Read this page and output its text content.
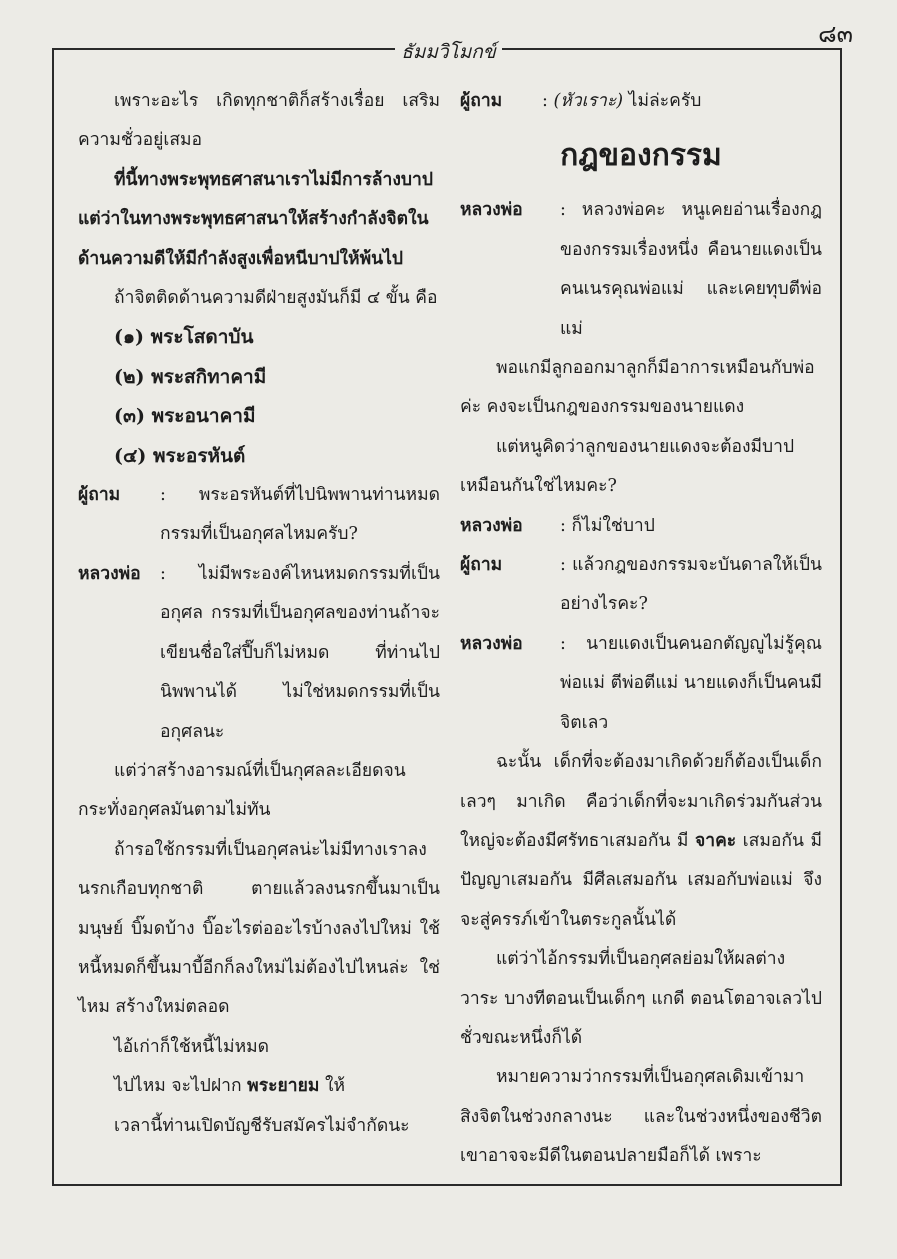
๘๓
ธัมมวิโมกข์

เพราะอะไร เกิดทุกชาติก็สร้างเรื่อย เสริมความชั่วอยู่เสมอ

ที่นี้ทางพระพุทธศาสนาเราไม่มีการล้างบาป แต่ว่าในทางพระพุทธศาสนาให้สร้างกำลังจิตในด้านความดีให้มีกำลังสูงเพื่อหนีบาปให้พ้นไป

ถ้าจิตติดด้านความดีฝ่ายสูงมันก็มี ๔ ขั้น คือ

(๑) พระโสดาบัน
(๒) พระสกิทาคามี
(๓) พระอนาคามี
(๔) พระอรหันต์

ผู้ถาม : พระอรหันต์ที่ไปนิพพานท่านหมดกรรมที่เป็นอกุศลไหมครับ?

หลวงพ่อ : ไม่มีพระองค์ไหนหมดกรรมที่เป็นอกุศล กรรมที่เป็นอกุศลของท่านถ้าจะเขียนชื่อใส่ปี๊บก็ไม่หมด ที่ท่านไปนิพพานได้ ไม่ใช่หมดกรรมที่เป็นอกุศลนะ

แต่ว่าสร้างอารมณ์ที่เป็นกุศลละเอียดจนกระทั่งอกุศลมันตามไม่ทัน

ถ้ารอใช้กรรมที่เป็นอกุศลน่ะไม่มีทางเราลงนรกเกือบทุกชาติ ตายแล้วลงนรกขึ้นมาเป็นมนุษย์ บิ๊มดบ้าง บิ๊อะไรต่ออะไรบ้างลงไปใหม่ ใช้หนี้หมดก็ขึ้นมาบี้อีกก็ลงใหม่ไม่ต้องไปไหนล่ะ ใช่ไหม สร้างใหม่ตลอด

ไอ้เก่าก็ใช้หนี้ไม่หมด

ไปไหม จะไปฝาก พระยายม ให้

เวลานี้ท่านเปิดบัญชีรับสมัครไม่จำกัดนะ

ผู้ถาม : (หัวเราะ) ไม่ล่ะครับ

กฎของกรรม

หลวงพ่อ : หลวงพ่อคะ หนูเคยอ่านเรื่องกฎของกรรมเรื่องหนึ่ง คือนายแดงเป็นคนเนรคุณพ่อแม่ และเคยทุบตีพ่อแม่

พอแกมีลูกออกมาลูกก็มีอาการเหมือนกับพ่อค่ะ คงจะเป็นกฎของกรรมของนายแดง

แต่หนูคิดว่าลูกของนายแดงจะต้องมีบาปเหมือนกันใช่ไหมคะ?

หลวงพ่อ : ก็ไม่ใช่บาป

ผู้ถาม	: แล้วกฎของกรรมจะบันดาลให้เป็นอย่างไรคะ?

หลวงพ่อ : นายแดงเป็นคนอกตัญญูไม่รู้คุณพ่อแม่ ตีพ่อตีแม่ นายแดงก็เป็นคนมีจิตเลว

ฉะนั้น เด็กที่จะต้องมาเกิดด้วยก็ต้องเป็นเด็กเลวๆ มาเกิด คือว่าเด็กที่จะมาเกิดร่วมกันส่วนใหญ่จะต้องมีศรัทธาเสมอกัน มี จาคะ เสมอกัน มีปัญญาเสมอกัน มีศีลเสมอกัน เสมอกับพ่อแม่ จึงจะสู่ครรภ์เข้าในตระกูลนั้นได้

แต่ว่าไอ้กรรมที่เป็นอกุศลย่อมให้ผลต่างวาระ บางทีตอนเป็นเด็กๆ แกดี ตอนโตอาจเลวไปชั่วขณะหนึ่งก็ได้

หมายความว่ากรรมที่เป็นอกุศลเดิมเข้ามาสิงจิตในช่วงกลางนะ และในช่วงหนึ่งของชีวิต เขาอาจจะมีดีในตอนปลายมือก็ได้ เพราะ
